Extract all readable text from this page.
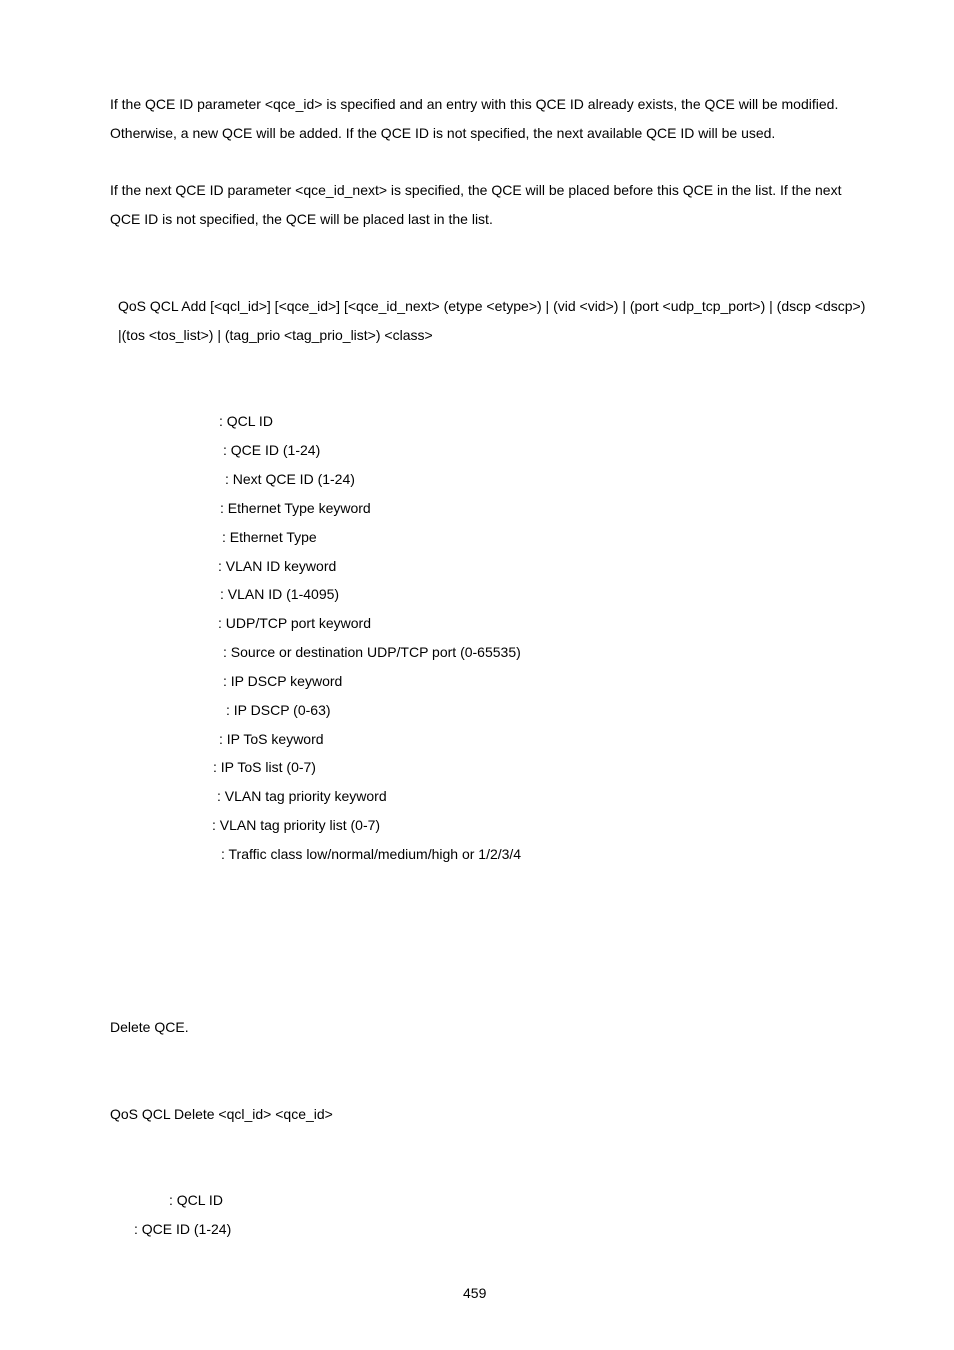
If the QCE ID parameter <qce_id> is specified and an entry with this QCE ID already exists, the QCE will be modified.
Otherwise, a new QCE will be added. If the QCE ID is not specified, the next available QCE ID will be used.
If the next QCE ID parameter <qce_id_next> is specified, the QCE will be placed before this QCE in the list. If the next
QCE ID is not specified, the QCE will be placed last in the list.
QoS QCL Add [<qcl_id>] [<qce_id>] [<qce_id_next> (etype <etype>) | (vid <vid>) | (port <udp_tcp_port>) | (dscp <dscp>)
|(tos <tos_list>) | (tag_prio <tag_prio_list>) <class>
: QCL ID
: QCE ID (1-24)
: Next QCE ID (1-24)
: Ethernet Type keyword
: Ethernet Type
: VLAN ID keyword
: VLAN ID (1-4095)
: UDP/TCP port keyword
: Source or destination UDP/TCP port (0-65535)
: IP DSCP keyword
: IP DSCP (0-63)
: IP ToS keyword
: IP ToS list (0-7)
: VLAN tag priority keyword
: VLAN tag priority list (0-7)
: Traffic class low/normal/medium/high or 1/2/3/4
Delete QCE.
QoS QCL Delete <qcl_id> <qce_id>
: QCL ID
: QCE ID (1-24)
459
